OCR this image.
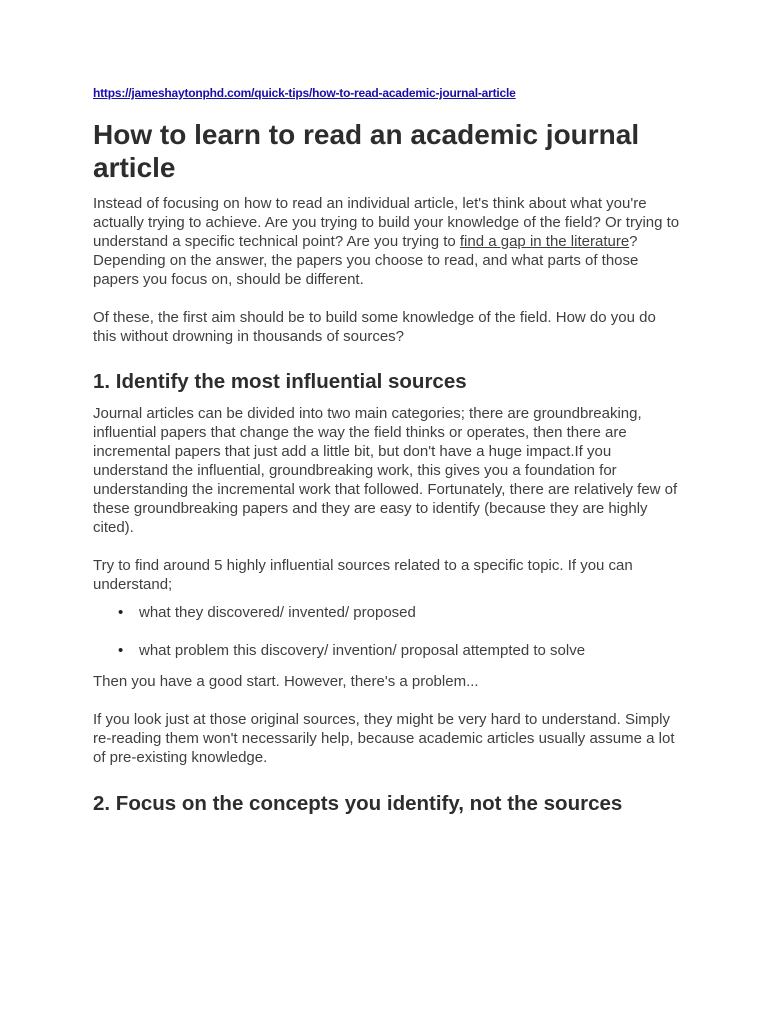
https://jameshaytonphd.com/quick-tips/how-to-read-academic-journal-article
How to learn to read an academic journal article

Instead of focusing on how to read an individual article, let's think about what you're actually trying to achieve. Are you trying to build your knowledge of the field? Or trying to understand a specific technical point? Are you trying to find a gap in the literature? Depending on the answer, the papers you choose to read, and what parts of those papers you focus on, should be different.

Of these, the first aim should be to build some knowledge of the field. How do you do this without drowning in thousands of sources?

1. Identify the most influential sources

Journal articles can be divided into two main categories; there are groundbreaking, influential papers that change the way the field thinks or operates, then there are incremental papers that just add a little bit, but don't have a huge impact.If you understand the influential, groundbreaking work, this gives you a foundation for understanding the incremental work that followed. Fortunately, there are relatively few of these groundbreaking papers and they are easy to identify (because they are highly cited).

Try to find around 5 highly influential sources related to a specific topic. If you can understand;

• what they discovered/ invented/ proposed
• what problem this discovery/ invention/ proposal attempted to solve

Then you have a good start. However, there's a problem...

If you look just at those original sources, they might be very hard to understand. Simply re-reading them won't necessarily help, because academic articles usually assume a lot of pre-existing knowledge.

2. Focus on the concepts you identify, not the sources
